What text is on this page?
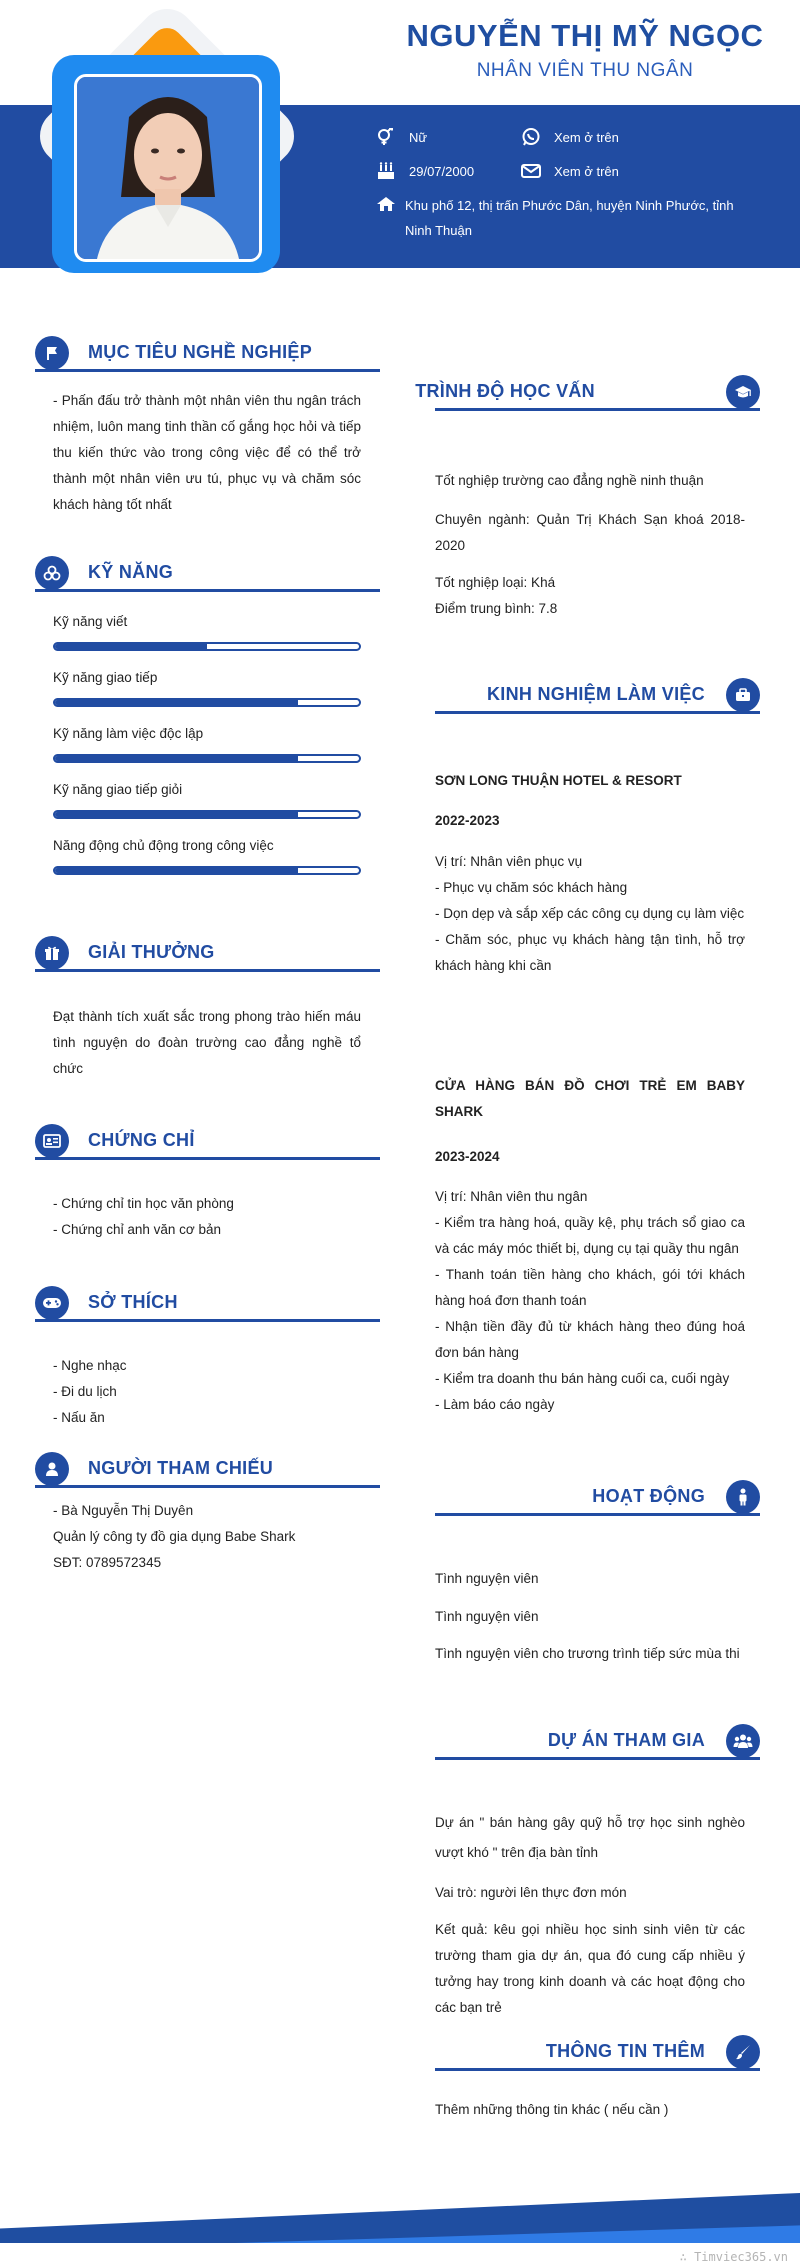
NGUYỄN THỊ MỸ NGỌC
NHÂN VIÊN THU NGÂN
Nữ	Xem ở trên
29/07/2000	Xem ở trên
Khu phố 12, thị trấn Phước Dân, huyện Ninh Phước, tỉnh Ninh Thuận
MỤC TIÊU NGHỀ NGHIỆP
- Phấn đấu trở thành một nhân viên thu ngân trách nhiệm, luôn mang tinh thần cố gắng học hỏi và tiếp thu kiến thức vào trong công việc để có thể trở thành một nhân viên ưu tú, phục vụ và chăm sóc khách hàng tốt nhất
KỸ NĂNG
Kỹ năng viết
Kỹ năng giao tiếp
Kỹ năng làm việc độc lập
Kỹ năng giao tiếp giỏi
Năng động chủ động trong công việc
GIẢI THƯỞNG
Đạt thành tích xuất sắc trong phong trào hiến máu tình nguyện do đoàn trường cao đẳng nghề tổ chức
CHỨNG CHỈ

- Chứng chỉ tin học văn phòng

- Chứng chỉ anh văn cơ bản

SỞ THÍCH

- Nghe nhạc

- Đi du lịch

- Nấu ăn

NGƯỜI THAM CHIẾU

- Bà Nguyễn Thị Duyên

Quản lý công ty đồ gia dụng Babe Shark

SĐT: 0789572345

TRÌNH ĐỘ HỌC VẤN
Tốt nghiệp trường cao đẳng nghề ninh thuận
Chuyên ngành: Quản Trị Khách Sạn khoá 2018-2020
Tốt nghiệp loại: Khá
Điểm trung bình: 7.8
KINH NGHIỆM LÀM VIỆC
SƠN LONG THUẬN HOTEL & RESORT
2022-2023

Vị trí: Nhân viên phục vụ

- Phục vụ chăm sóc khách hàng

- Dọn dẹp và sắp xếp các công cụ dụng cụ làm việc

- Chăm sóc, phục vụ khách hàng tận tình, hỗ trợ khách hàng khi cần

CỬA HÀNG BÁN ĐỒ CHƠI TRẺ EM BABY SHARK
2023-2024

Vị trí: Nhân viên thu ngân

- Kiểm tra hàng hoá, quầy kệ, phụ trách sổ giao ca và các máy móc thiết bị, dụng cụ tại quầy thu ngân

- Thanh toán tiền hàng cho khách, gói tới khách hàng hoá đơn thanh toán

- Nhận tiền đầy đủ từ khách hàng theo đúng hoá đơn bán hàng

- Kiểm tra doanh thu bán hàng cuối ca, cuối ngày

- Làm báo cáo ngày

HOẠT ĐỘNG
Tình nguyện viên
Tình nguyện viên
Tình nguyện viên cho trương trình tiếp sức mùa thi
DỰ ÁN THAM GIA
Dự án " bán hàng gây quỹ hỗ trợ học sinh nghèo vượt khó " trên địa bàn tỉnh
Vai trò: người lên thực đơn món
Kết quả: kêu gọi nhiều học sinh sinh viên từ các trường tham gia dự án, qua đó cung cấp nhiều ý tưởng hay trong kinh doanh và các hoạt động cho các bạn trẻ
THÔNG TIN THÊM
Thêm những thông tin khác ( nếu cần )
∴ Timviec365.vn
